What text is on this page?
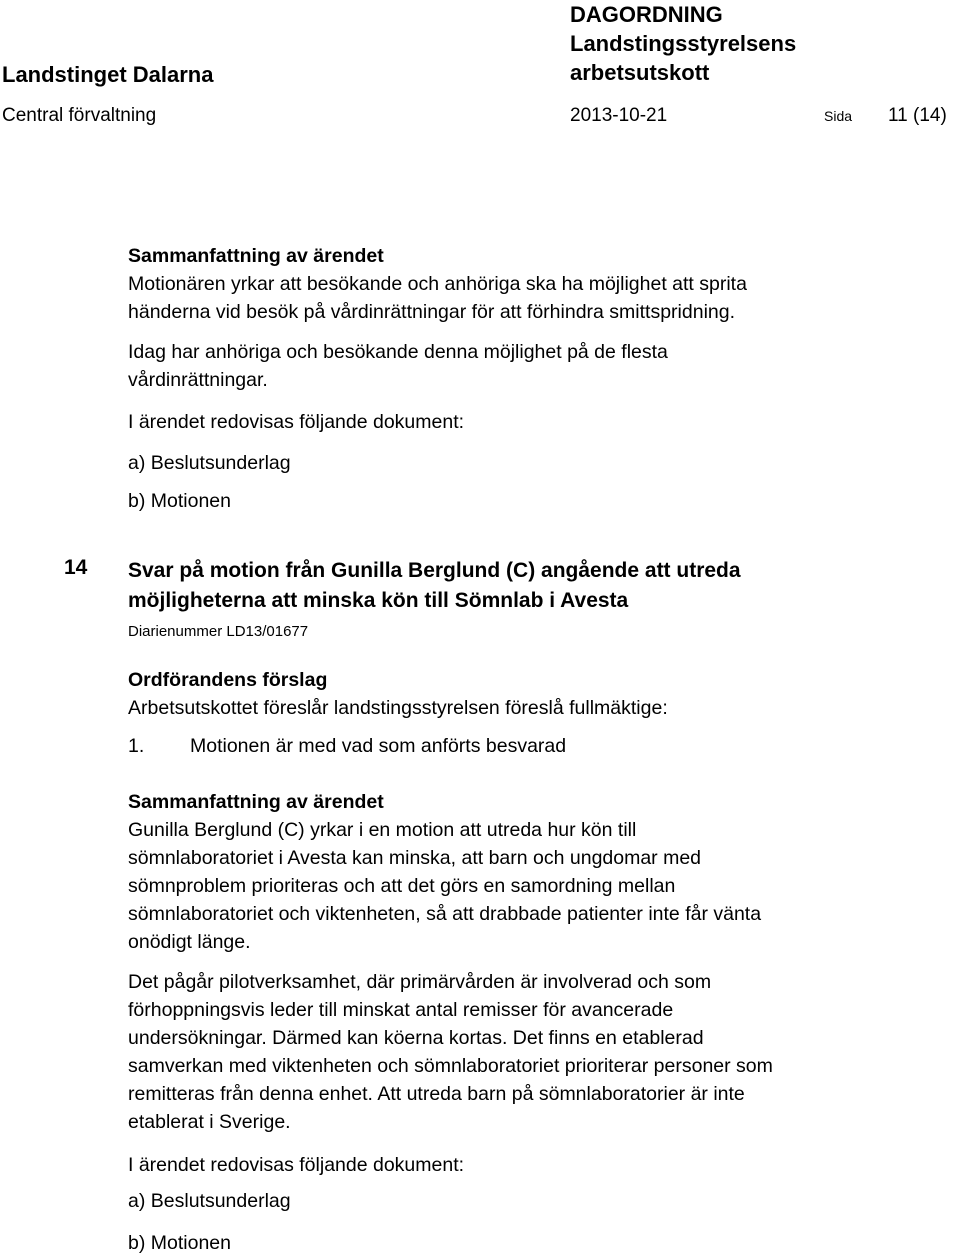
Landstinget Dalarna
DAGORDNING
Landstingsstyrelsens
arbetsutskott
Central förvaltning	2013-10-21	Sida 11 (14)
Sammanfattning av ärendet
Motionären yrkar att besökande och anhöriga ska ha möjlighet att sprita
händerna vid besök på vårdinrättningar för att förhindra smittspridning.
Idag har anhöriga och besökande denna möjlighet på de flesta
vårdinrättningar.
I ärendet redovisas följande dokument:
a) Beslutsunderlag
b) Motionen
14 Svar på motion från Gunilla Berglund (C) angående att utreda
möjligheterna att minska kön till Sömnlab i Avesta
Diarienummer LD13/01677
Ordförandens förslag
Arbetsutskottet föreslår landstingsstyrelsen föreslå fullmäktige:
1. Motionen är med vad som anförts besvarad
Sammanfattning av ärendet
Gunilla Berglund (C) yrkar i en motion att utreda hur kön till
sömnlaboratoriet i Avesta kan minska, att barn och ungdomar med
sömnproblem prioriteras och att det görs en samordning mellan
sömnlaboratoriet och viktenheten, så att drabbade patienter inte får vänta
onödigt länge.
Det pågår pilotverksamhet, där primärvården är involverad och som
förhoppningsvis leder till minskat antal remisser för avancerade
undersökningar. Därmed kan köerna kortas. Det finns en etablerad
samverkan med viktenheten och sömnlaboratoriet prioriterar personer som
remitteras från denna enhet. Att utreda barn på sömnlaboratorier är inte
etablerat i Sverige.
I ärendet redovisas följande dokument:
a) Beslutsunderlag
b) Motionen
